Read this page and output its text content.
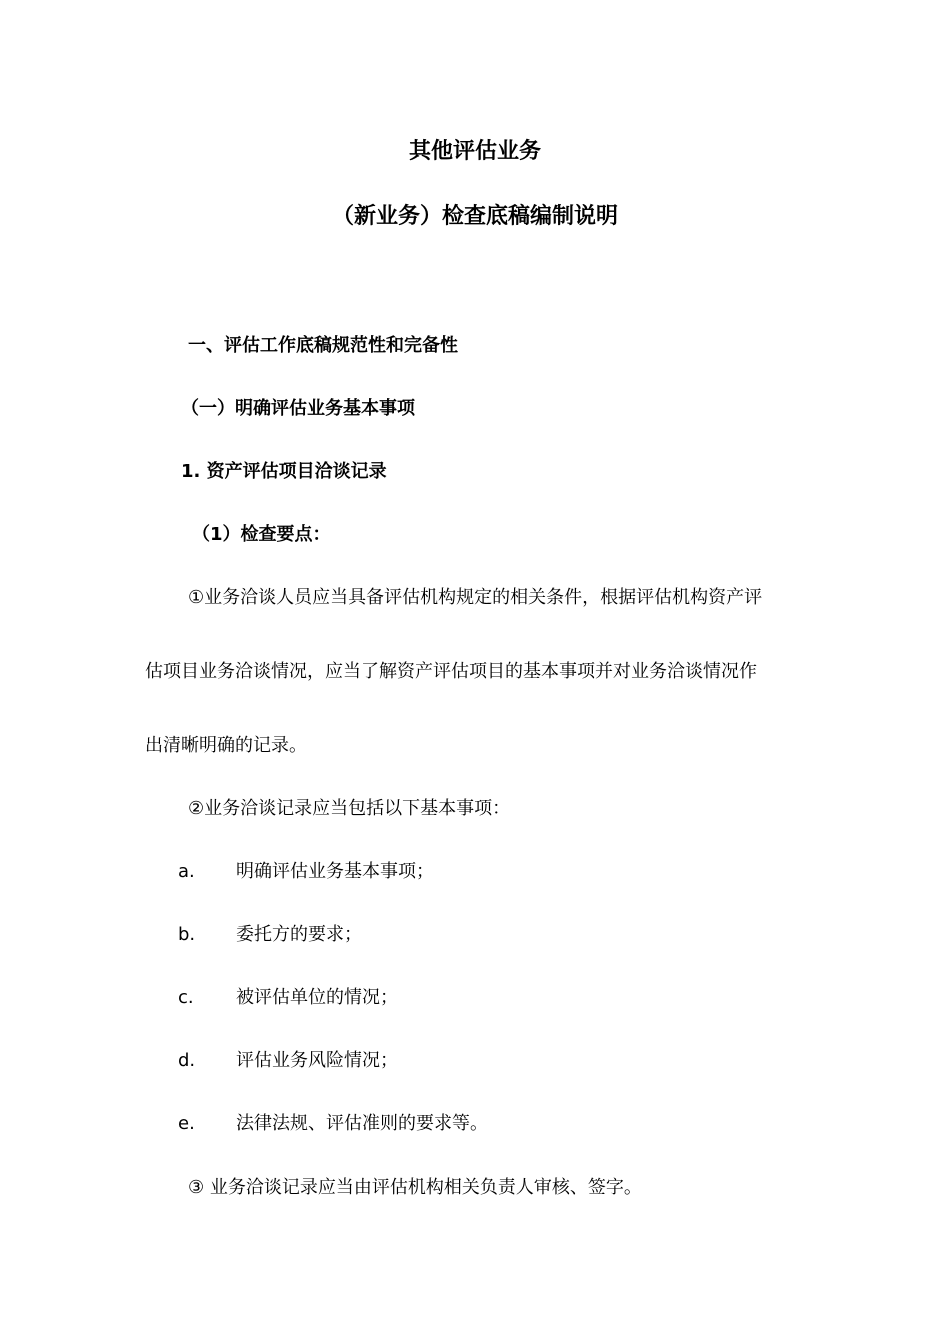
其他评估业务
（新业务）检查底稿编制说明
一、评估工作底稿规范性和完备性
（一）明确评估业务基本事项
1. 资产评估项目洽谈记录
（1）检查要点：
①业务洽谈人员应当具备评估机构规定的相关条件，根据评估机构资产评
估项目业务洽谈情况，应当了解资产评估项目的基本事项并对业务洽谈情况作
出清晰明确的记录。
②业务洽谈记录应当包括以下基本事项：
a. 明确评估业务基本事项；
b. 委托方的要求；
c. 被评估单位的情况；
d. 评估业务风险情况；
e. 法律法规、评估准则的要求等。
③ 业务洽谈记录应当由评估机构相关负责人审核、签字。
